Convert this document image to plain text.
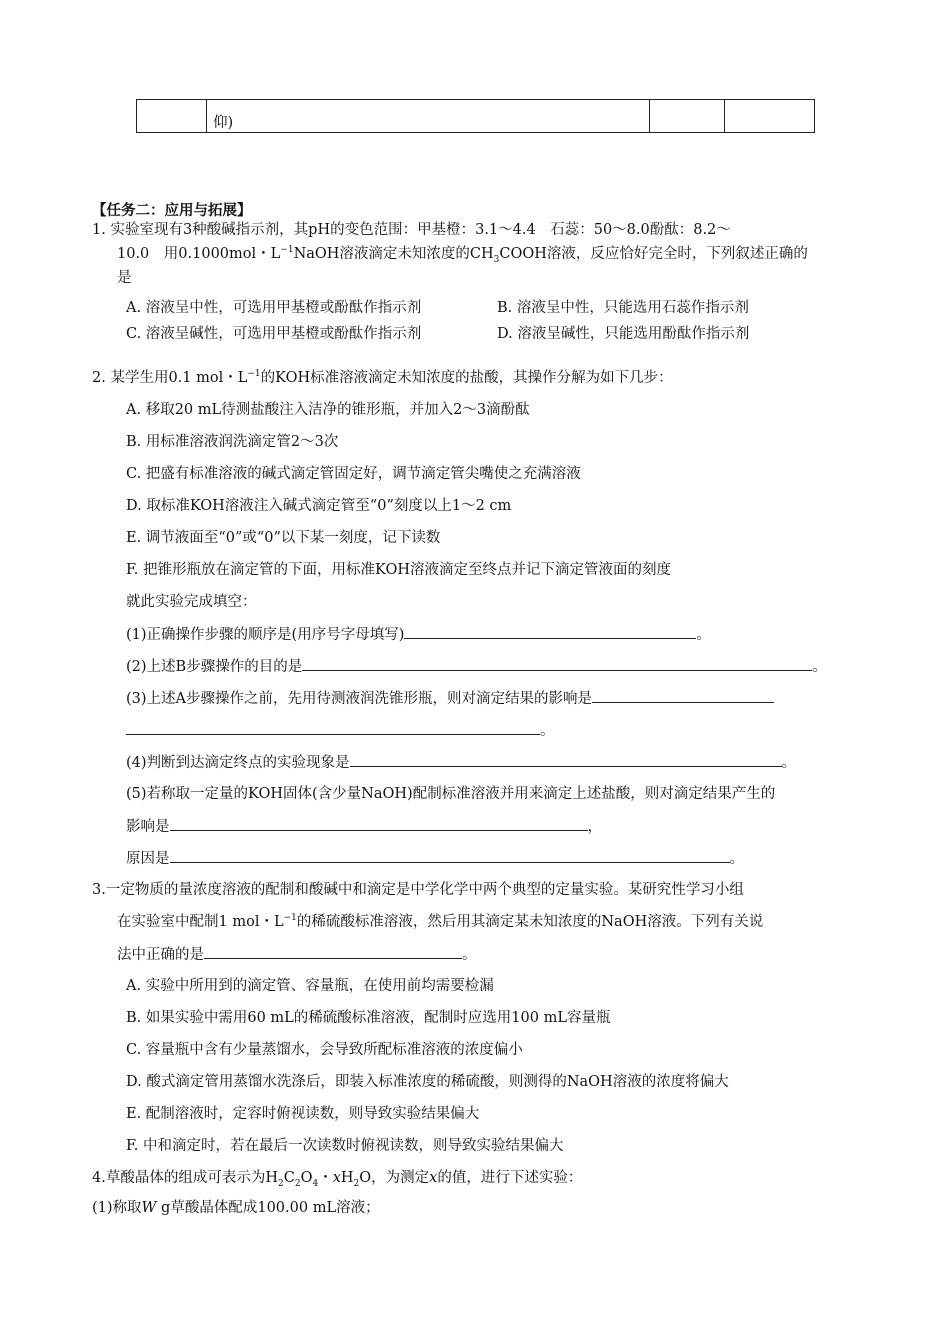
	仰)		
【任务二：应用与拓展】
1. 实验室现有3种酸碱指示剂，其pH的变色范围：甲基橙：3.1～4.4　石蕊：50～8.0酚酞：8.2～
10.0　用0.1000mol・$L^{-1}NaOH$溶液滴定未知浓度的$CH_3COOH$溶液，反应恰好完全时，下列叙述正确的
是
A. 溶液呈中性，可选用甲基橙或酚酞作指示剂	B. 溶液呈中性，只能选用石蕊作指示剂
C. 溶液呈碱性，可选用甲基橙或酚酞作指示剂	D. 溶液呈碱性，只能选用酚酞作指示剂
2. 某学生用0.1 mol・$L^{-1}$的KOH标准溶液滴定未知浓度的盐酸，其操作分解为如下几步：
A. 移取20 mL待测盐酸注入洁净的锥形瓶，并加入2～3滴酚酞
B. 用标准溶液润洗滴定管2～3次
C. 把盛有标准溶液的碱式滴定管固定好，调节滴定管尖嘴使之充满溶液
D. 取标准KOH溶液注入碱式滴定管至“0”刻度以上1～2 cm
E. 调节液面至“0”或“0”以下某一刻度，记下读数
F. 把锥形瓶放在滴定管的下面，用标准KOH溶液滴定至终点并记下滴定管液面的刻度
就此实验完成填空：
(1)正确操作步骤的顺序是(用序号字母填写)	。
(2)上述B步骤操作的目的是	。
(3)上述A步骤操作之前，先用待测液润洗锥形瓶，则对滴定结果的影响是
。
(4)判断到达滴定终点的实验现象是	。
(5)若称取一定量的KOH固体(含少量NaOH)配制标准溶液并用来滴定上述盐酸，则对滴定结果产生的
影响是	，
原因是	。
3.一定物质的量浓度溶液的配制和酸碱中和滴定是中学化学中两个典型的定量实验。某研究性学习小组
在实验室中配制1 mol・$L^{-1}$的稀硫酸标准溶液，然后用其滴定某未知浓度的NaOH溶液。下列有关说
法中正确的是	。
A. 实验中所用到的滴定管、容量瓶，在使用前均需要检漏
B. 如果实验中需用60 mL的稀硫酸标准溶液，配制时应选用100 mL容量瓶
C. 容量瓶中含有少量蒸馏水，会导致所配标准溶液的浓度偏小
D. 酸式滴定管用蒸馏水洗涤后，即装入标准浓度的稀硫酸，则测得的NaOH溶液的浓度将偏大
E. 配制溶液时，定容时俯视读数，则导致实验结果偏大
F. 中和滴定时，若在最后一次读数时俯视读数，则导致实验结果偏大
4.草酸晶体的组成可表示为$H_2C_2O_4$・$xH_2O$，为测定x的值，进行下述实验：
(1)称取W g草酸晶体配成100.00 mL溶液；
